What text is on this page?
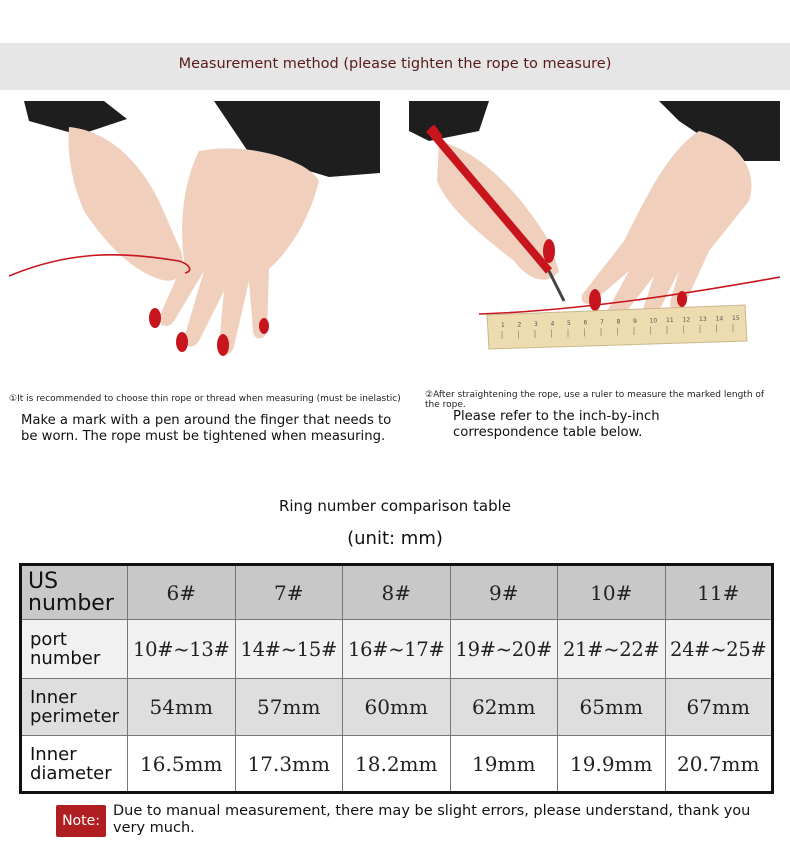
Measurement method (please tighten the rope to measure)
1 2 3 4 5 6 7 8 9 10 11 12 13 14 15
①It is recommended to choose thin rope or thread when measuring (must be inelastic)
Make a mark with a pen around the finger that needs to be worn. The rope must be tightened when measuring.
②After straightening the rope, use a ruler to measure the marked length of the rope.
Please refer to the inch-by-inch correspondence table below.
Ring number comparison table
(unit: mm)
US number	6#	7#	8#	9#	10#	11#
port number	10#~13#	14#~15#	16#~17#	19#~20#	21#~22#	24#~25#
Inner perimeter	54mm	57mm	60mm	62mm	65mm	67mm
Inner diameter	16.5mm	17.3mm	18.2mm	19mm	19.9mm	20.7mm
Note:
Due to manual measurement, there may be slight errors, please understand, thank you very much.
